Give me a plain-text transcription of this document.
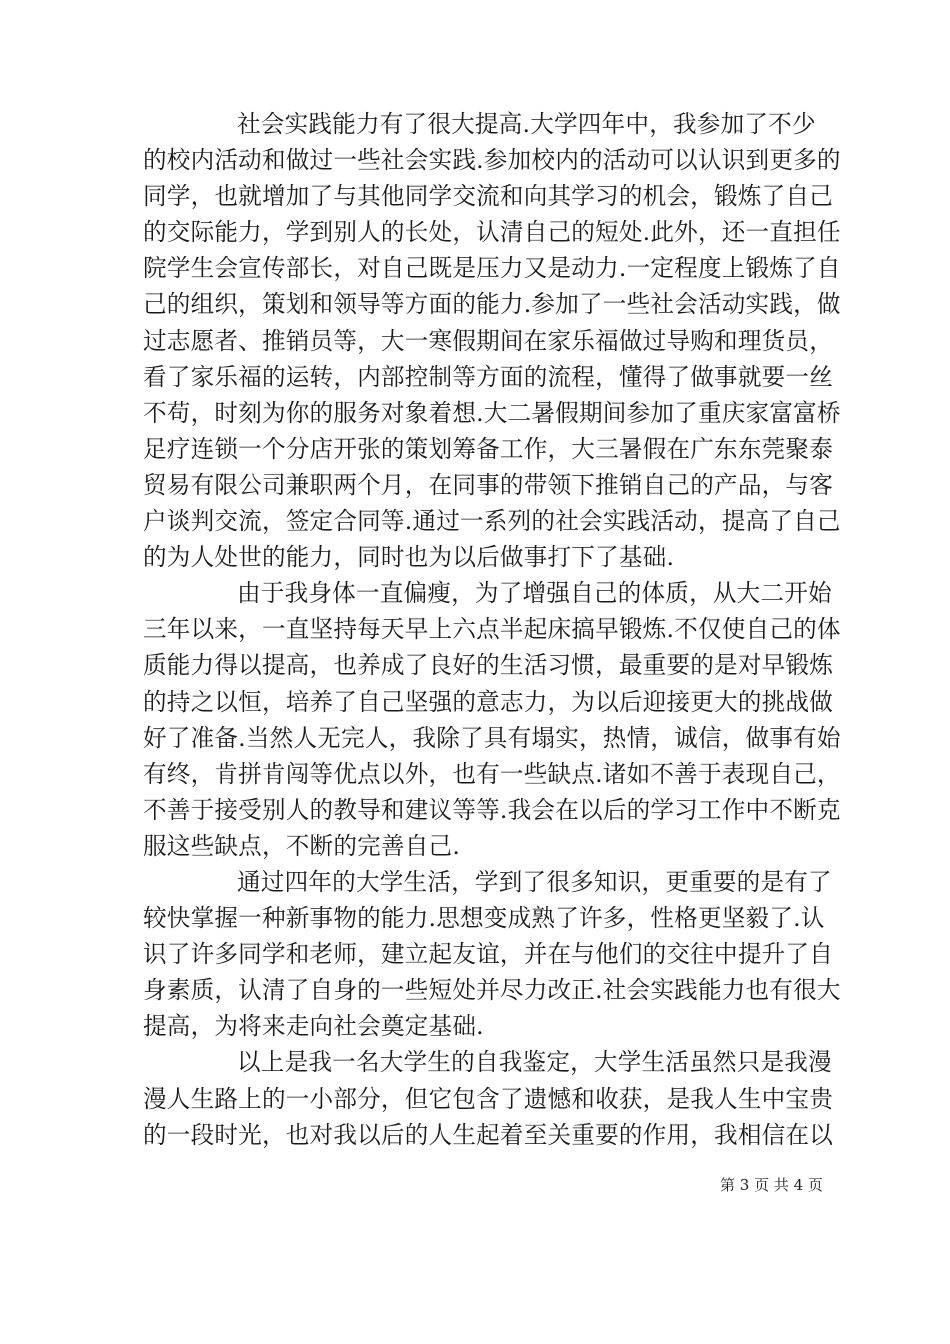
社会实践能力有了很大提高.大学四年中，我参加了不少
的校内活动和做过一些社会实践.参加校内的活动可以认识到更多的
同学，也就增加了与其他同学交流和向其学习的机会，锻炼了自己
的交际能力，学到别人的长处，认清自己的短处.此外，还一直担任
院学生会宣传部长，对自己既是压力又是动力.一定程度上锻炼了自
己的组织，策划和领导等方面的能力.参加了一些社会活动实践，做
过志愿者、推销员等，大一寒假期间在家乐福做过导购和理货员，
看了家乐福的运转，内部控制等方面的流程，懂得了做事就要一丝
不苟，时刻为你的服务对象着想.大二暑假期间参加了重庆家富富桥
足疗连锁一个分店开张的策划筹备工作，大三暑假在广东东莞聚泰
贸易有限公司兼职两个月，在同事的带领下推销自己的产品，与客
户谈判交流，签定合同等.通过一系列的社会实践活动，提高了自己
的为人处世的能力，同时也为以后做事打下了基础.
由于我身体一直偏瘦，为了增强自己的体质，从大二开始
三年以来，一直坚持每天早上六点半起床搞早锻炼.不仅使自己的体
质能力得以提高，也养成了良好的生活习惯，最重要的是对早锻炼
的持之以恒，培养了自己坚强的意志力，为以后迎接更大的挑战做
好了准备.当然人无完人，我除了具有塌实，热情，诚信，做事有始
有终，肯拼肯闯等优点以外，也有一些缺点.诸如不善于表现自己，
不善于接受别人的教导和建议等等.我会在以后的学习工作中不断克
服这些缺点，不断的完善自己.
通过四年的大学生活，学到了很多知识，更重要的是有了
较快掌握一种新事物的能力.思想变成熟了许多，性格更坚毅了.认
识了许多同学和老师，建立起友谊，并在与他们的交往中提升了自
身素质，认清了自身的一些短处并尽力改正.社会实践能力也有很大
提高，为将来走向社会奠定基础.
以上是我一名大学生的自我鉴定，大学生活虽然只是我漫
漫人生路上的一小部分，但它包含了遗憾和收获，是我人生中宝贵
的一段时光，也对我以后的人生起着至关重要的作用，我相信在以
第 3 页 共 4 页
